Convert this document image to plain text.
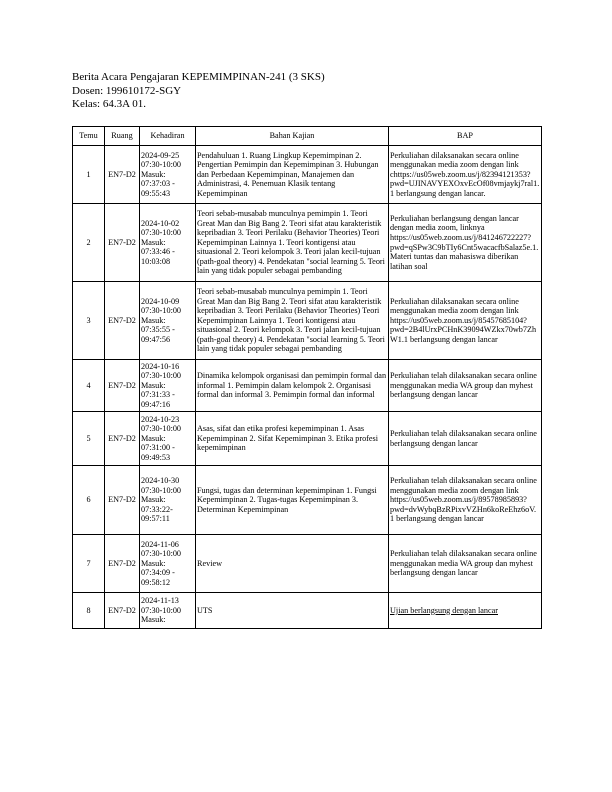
Berita Acara Pengajaran KEPEMIMPINAN-241 (3 SKS)
Dosen: 199610172-SGY
Kelas: 64.3A 01.
Temu	Ruang	Kehadiran	Bahan Kajian	BAP
1	EN7-D2	2024-09-25 07:30-10:00 Masuk: 07:37:03 - 09:55:43	Pendahuluan 1. Ruang Lingkup Kepemimpinan 2. Pengertian Pemimpin dan Kepemimpinan 3. Hubungan dan Perbedaan Kepemimpinan, Manajemen dan Administrasi, 4. Penemuan Klasik tentang Kepemimpinan	Perkuliahan dilaksanakan secara online menggunakan media zoom dengan link chttps://us05web.zoom.us/j/82394121353?pwd=UJINAVYEXOxvEcOf08vmjaykj7ral1.1 berlangsung dengan lancar.
2	EN7-D2	2024-10-02 07:30-10:00 Masuk: 07:33:46 - 10:03:08	Teori sebab-musabab munculnya pemimpin 1. Teori Great Man dan Big Bang 2. Teori sifat atau karakteristik kepribadian 3. Teori Perilaku (Behavior Theories) Teori Kepemimpinan Lainnya 1. Teori kontigensi atau situasional 2. Teori kelompok 3. Teori jalan kecil-tujuan (path-goal theory) 4. Pendekatan "social learning 5. Teori lain yang tidak populer sebagai pembanding	Perkuliahan berlangsung dengan lancar dengan media zoom, linknya https://us05web.zoom.us/j/841246722227?pwd=qSPw3C9bTIy6Cnt5wacacfbSalaz5e.1. Materi tuntas dan mahasiswa diberikan latihan soal
3	EN7-D2	2024-10-09 07:30-10:00 Masuk: 07:35:55 - 09:47:56	Teori sebab-musabab munculnya pemimpin 1. Teori Great Man dan Big Bang 2. Teori sifat atau karakteristik kepribadian 3. Teori Perilaku (Behavior Theories) Teori Kepemimpinan Lainnya 1. Teori kontigensi atau situasional 2. Teori kelompok 3. Teori jalan kecil-tujuan (path-goal theory) 4. Pendekatan "social learning 5. Teori lain yang tidak populer sebagai pembanding	Perkuliahan dilaksanakan secara online menggunakan media zoom dengan link https://us05web.zoom.us/j/85457685104?pwd=2B4lUrxPCHnK39094WZkx70wb7ZhW1.1 berlangsung dengan lancar
4	EN7-D2	2024-10-16 07:30-10:00 Masuk: 07:31:33 - 09:47:16	Dinamika kelompok organisasi dan pemimpin formal dan informal 1. Pemimpin dalam kelompok 2. Organisasi formal dan informal 3. Pemimpin formal dan informal	Perkuliahan telah dilaksanakan secara online menggunakan media WA group dan myhest berlangsung dengan lancar
5	EN7-D2	2024-10-23 07:30-10:00 Masuk: 07:31:00 - 09:49:53	Asas, sifat dan etika profesi kepemimpinan 1. Asas Kepemimpinan 2. Sifat Kepemimpinan 3. Etika profesi kepemimpinan	Perkuliahan telah dilaksanakan secara online berlangsung dengan lancar
6	EN7-D2	2024-10-30 07:30-10:00 Masuk: 07:33:22- 09:57:11	Fungsi, tugas dan determinan kepemimpinan 1. Fungsi Kepemimpinan 2. Tugas-tugas Kepemimpinan 3. Determinan Kepemimpinan	Perkuliahan telah dilaksanakan secara online menggunakan media zoom dengan link https://us05web.zoom.us/j/89578985893?pwd=dvWybqBzRPixvVZHn6koReEhz6oV.1 berlangsung dengan lancar
7	EN7-D2	2024-11-06 07:30-10:00 Masuk: 07:34:09 - 09:58:12	Review	Perkuliahan telah dilaksanakan secara online menggunakan media WA group dan myhest berlangsung dengan lancar
8	EN7-D2	2024-11-13 07:30-10:00 Masuk:	UTS	Ujian berlangsung dengan lancar
